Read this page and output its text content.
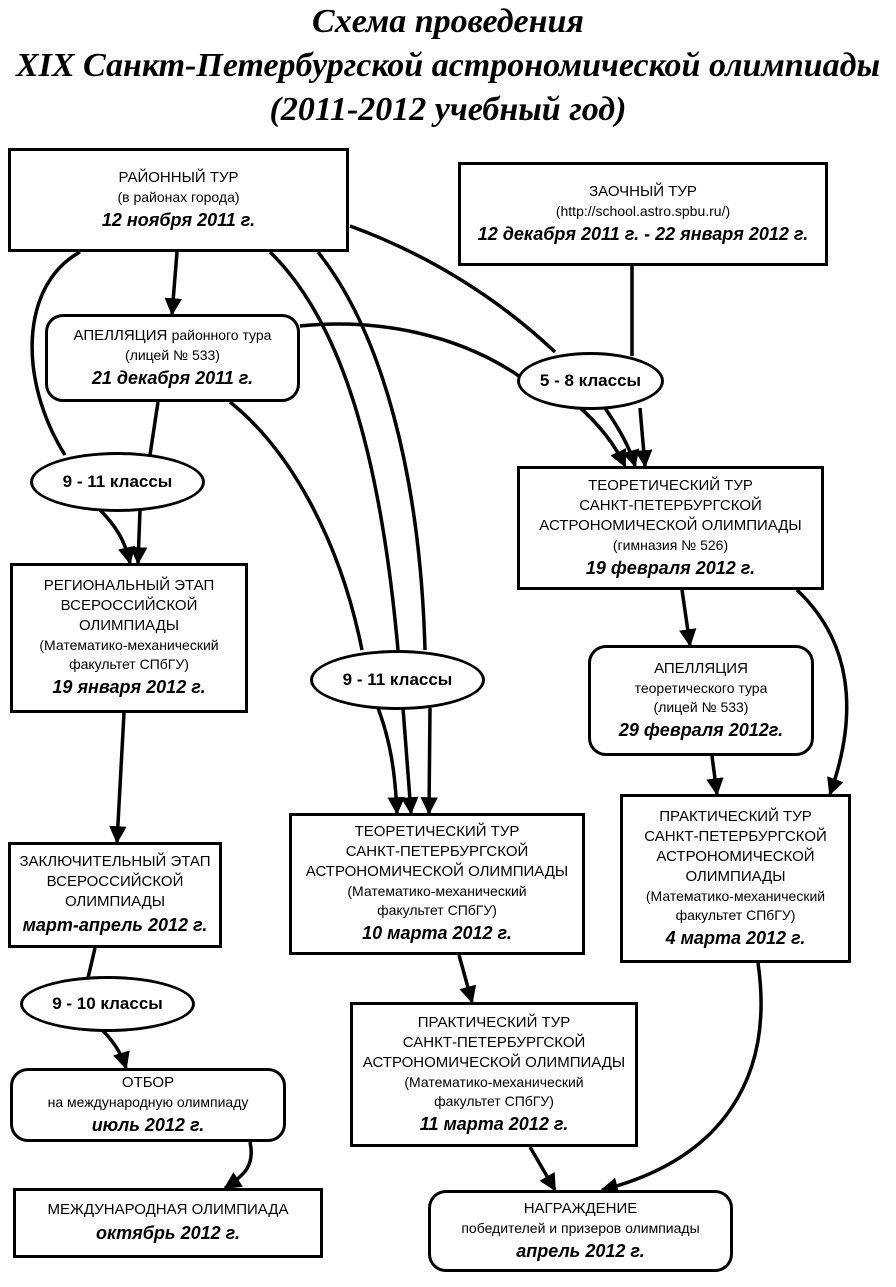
Схема проведения
XIX Санкт-Петербургской астрономической олимпиады
(2011-2012 учебный год)
РАЙОННЫЙ ТУР
(в районах города)
12 ноября 2011 г.
ЗАОЧНЫЙ ТУР
(http://school.astro.spbu.ru/)
12 декабря 2011 г. - 22 января 2012 г.
АПЕЛЛЯЦИЯ районного тура
(лицей № 533)
21 декабря 2011 г.	5 - 8 классы
9 - 11 классы	ТЕОРЕТИЧЕСКИЙ ТУР
САНКТ-ПЕТЕРБУРГСКОЙ
АСТРОНОМИЧЕСКОЙ ОЛИМПИАДЫ
(гимназия № 526)
19 февраля 2012 г.
РЕГИОНАЛЬНЫЙ ЭТАП
ВСЕРОССИЙСКОЙ
ОЛИМПИАДЫ
(Математико-механический
факультет СПбГУ)
19 января 2012 г.
АПЕЛЛЯЦИЯ
теоретического тура
(лицей № 533)
29 февраля 2012г.
9 - 11 классы
ПРАКТИЧЕСКИЙ ТУР
САНКТ-ПЕТЕРБУРГСКОЙ
АСТРОНОМИЧЕСКОЙ
ОЛИМПИАДЫ
(Математико-механический
факультет СПбГУ)
4 марта 2012 г.
ТЕОРЕТИЧЕСКИЙ ТУР
САНКТ-ПЕТЕРБУРГСКОЙ
АСТРОНОМИЧЕСКОЙ ОЛИМПИАДЫ
(Математико-механический
факультет СПбГУ)
10 марта 2012 г.
ЗАКЛЮЧИТЕЛЬНЫЙ ЭТАП
ВСЕРОССИЙСКОЙ
ОЛИМПИАДЫ
март-апрель 2012 г.
9 - 10 классы
ПРАКТИЧЕСКИЙ ТУР
САНКТ-ПЕТЕРБУРГСКОЙ
АСТРОНОМИЧЕСКОЙ ОЛИМПИАДЫ
(Математико-механический
факультет СПбГУ)
11 марта 2012 г.
ОТБОР
на международную олимпиаду
июль 2012 г.
МЕЖДУНАРОДНАЯ ОЛИМПИАДА
октябрь 2012 г.
НАГРАЖДЕНИЕ
победителей и призеров олимпиады
апрель 2012 г.
